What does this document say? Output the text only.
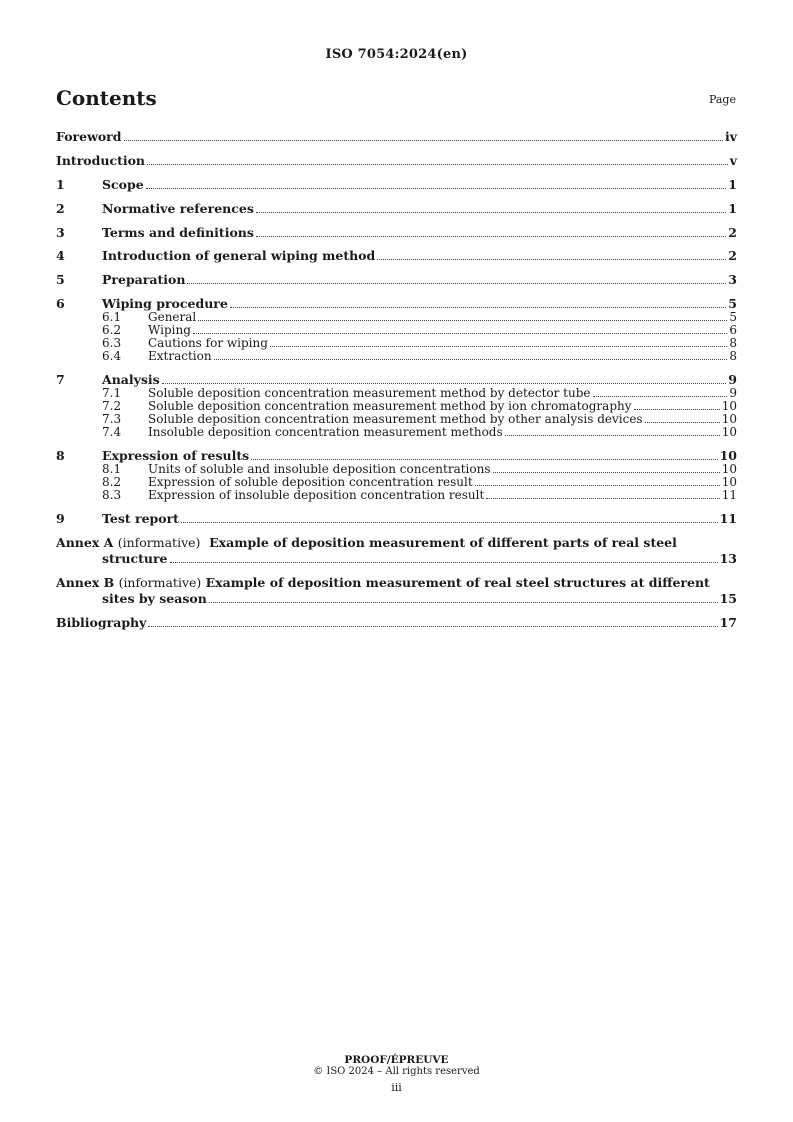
ISO 7054:2024(en)
Contents	Page
Foreword	iv
Introduction	v
1	Scope	1
2	Normative references	1
3	Terms and definitions	2
4	Introduction of general wiping method	2
5	Preparation	3
6	Wiping procedure	5
6.1	General	5
6.2	Wiping	6
6.3	Cautions for wiping	8
6.4	Extraction	8
7	Analysis	9
7.1	Soluble deposition concentration measurement method by detector tube	9
7.2	Soluble deposition concentration measurement method by ion chromatography	10
7.3	Soluble deposition concentration measurement method by other analysis devices	10
7.4	Insoluble deposition concentration measurement methods	10
8	Expression of results	10
8.1	Units of soluble and insoluble deposition concentrations	10
8.2	Expression of soluble deposition concentration result	10
8.3	Expression of insoluble deposition concentration result	11
9	Test report	11
Annex A (informative) Example of deposition measurement of different parts of real steel
structure	13
Annex B (informative) Example of deposition measurement of real steel structures at different
sites by season	15
Bibliography	17
PROOF/ÉPREUVE
© ISO 2024 – All rights reserved
iii
